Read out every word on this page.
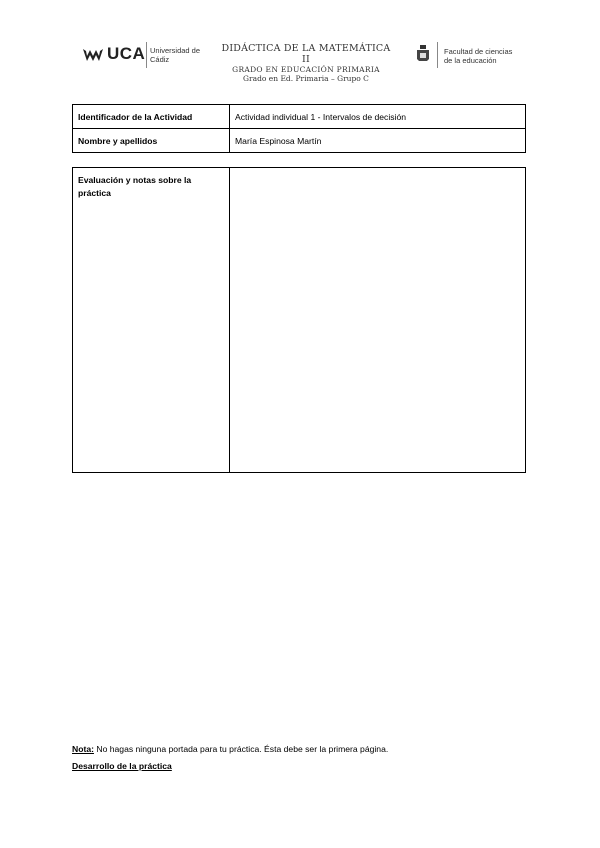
UCA Universidad de
Cádiz
DIDÁCTICA DE LA MATEMÁTICA II
GRADO EN EDUCACIÓN PRIMARIA
Grado en Ed. Primaria – Grupo C
Facultad de ciencias
de la educación
Identificador de la Actividad	Actividad individual 1 - Intervalos de decisión
Nombre y apellidos	María Espinosa Martín
Evaluación y notas sobre la práctica	
Nota: No hagas ninguna portada para tu práctica. Ésta debe ser la primera página.
Desarrollo de la práctica
